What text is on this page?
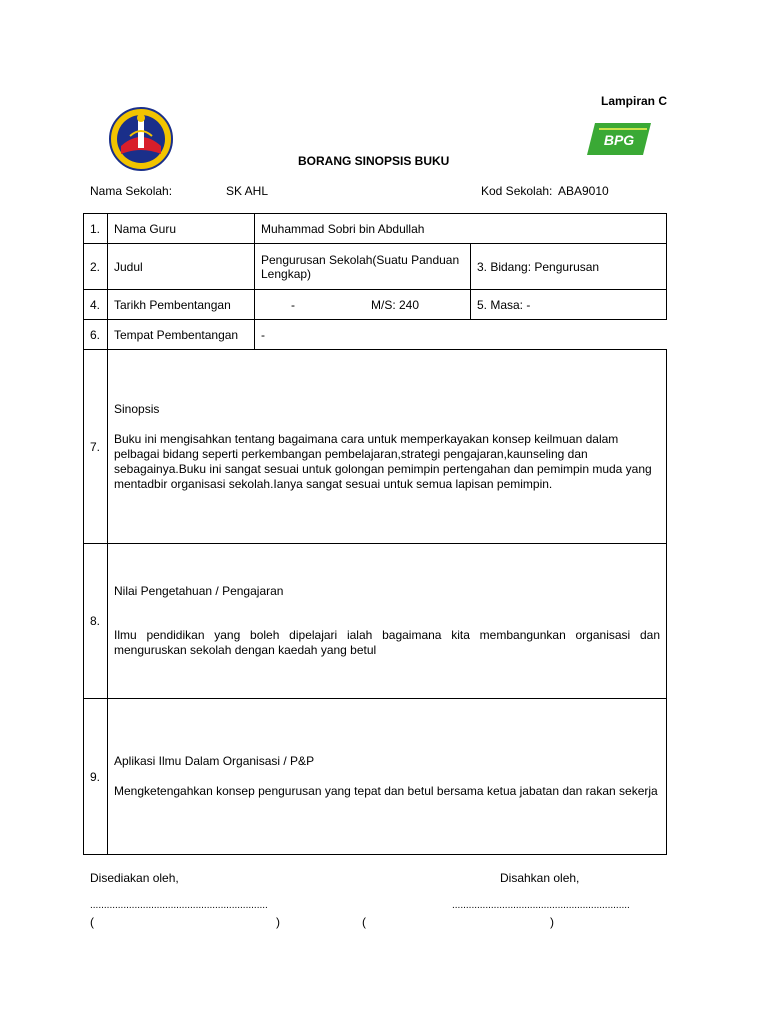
Lampiran C
BPG
BORANG SINOPSIS BUKU
Nama Sekolah:	SK AHL	Kod Sekolah: ABA9010
1.	Nama Guru	Muhammad Sobri bin Abdullah	
2.	Judul	Pengurusan Sekolah(Suatu Panduan Lengkap)	3. Bidang: Pengurusan
4.	Tarikh Pembentangan	- M/S: 240	5. Masa: -
6.	Tempat Pembentangan	-	
7.	Sinopsis
Buku ini mengisahkan tentang bagaimana cara untuk memperkayakan konsep keilmuan dalam pelbagai bidang seperti perkembangan pembelajaran,strategi pengajaran,kaunseling dan sebagainya.Buku ini sangat sesuai untuk golongan pemimpin pertengahan dan pemimpin muda yang mentadbir organisasi sekolah.Ianya sangat sesuai untuk semua lapisan pemimpin.		

8.	Nilai Pengetahuan / Pengajaran
Ilmu pendidikan yang boleh dipelajari ialah bagaimana kita membangunkan organisasi dan menguruskan sekolah dengan kaedah yang betul		

9.	Aplikasi Ilmu Dalam Organisasi / P&P
Mengketengahkan konsep pengurusan yang tepat dan betul bersama ketua jabatan dan rakan sekerja		
Disediakan oleh,	Disahkan oleh,
................................................................	................................................................
(	)	(	)
